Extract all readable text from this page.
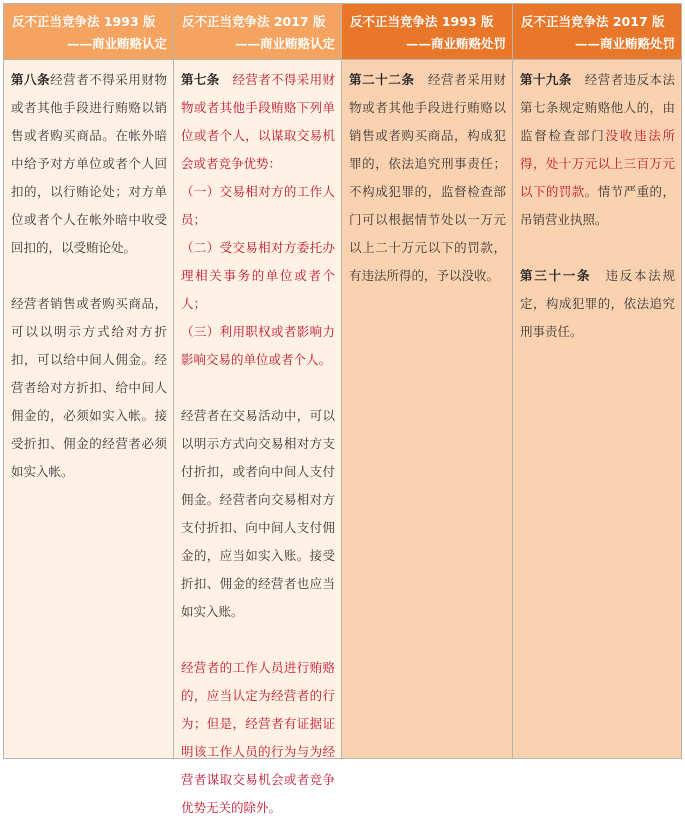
反不正当竞争法 1993 版
——商业贿赂认定

第八条经营者不得采用财物或者其他手段进行贿赂以销售或者购买商品。在帐外暗中给予对方单位或者个人回扣的，以行贿论处；对方单位或者个人在帐外暗中收受回扣的，以受贿论处。

经营者销售或者购买商品，可以以明示方式给对方折扣，可以给中间人佣金。经营者给对方折扣、给中间人佣金的，必须如实入帐。接受折扣、佣金的经营者必须如实入帐。

反不正当竞争法 2017 版
——商业贿赂认定

第七条　 经营者不得采用财物或者其他手段贿赂下列单位或者个人，以谋取交易机会或者竞争优势：

（一）交易相对方的工作人员；

（二）受交易相对方委托办理相关事务的单位或者个人；

（三）利用职权或者影响力影响交易的单位或者个人。

经营者在交易活动中，可以以明示方式向交易相对方支付折扣，或者向中间人支付佣金。经营者向交易相对方支付折扣、向中间人支付佣金的，应当如实入账。接受折扣、佣金的经营者也应当如实入账。

经营者的工作人员进行贿赂的，应当认定为经营者的行为；但是，经营者有证据证明该工作人员的行为与为经营者谋取交易机会或者竞争优势无关的除外。

反不正当竞争法 1993 版
——商业贿赂处罚

第二十二条　 经营者采用财物或者其他手段进行贿赂以销售或者购买商品，构成犯罪的，依法追究刑事责任；不构成犯罪的，监督检查部门可以根据情节处以一万元以上二十万元以下的罚款，有违法所得的，予以没收。

反不正当竞争法 2017 版
——商业贿赂处罚

第十九条　 经营者违反本法第七条规定贿赂他人的，由监督检查部门没收违法所得，处十万元以上三百万元以下的罚款。情节严重的，吊销营业执照。

第三十一条　 违反本法规定，构成犯罪的，依法追究刑事责任。
